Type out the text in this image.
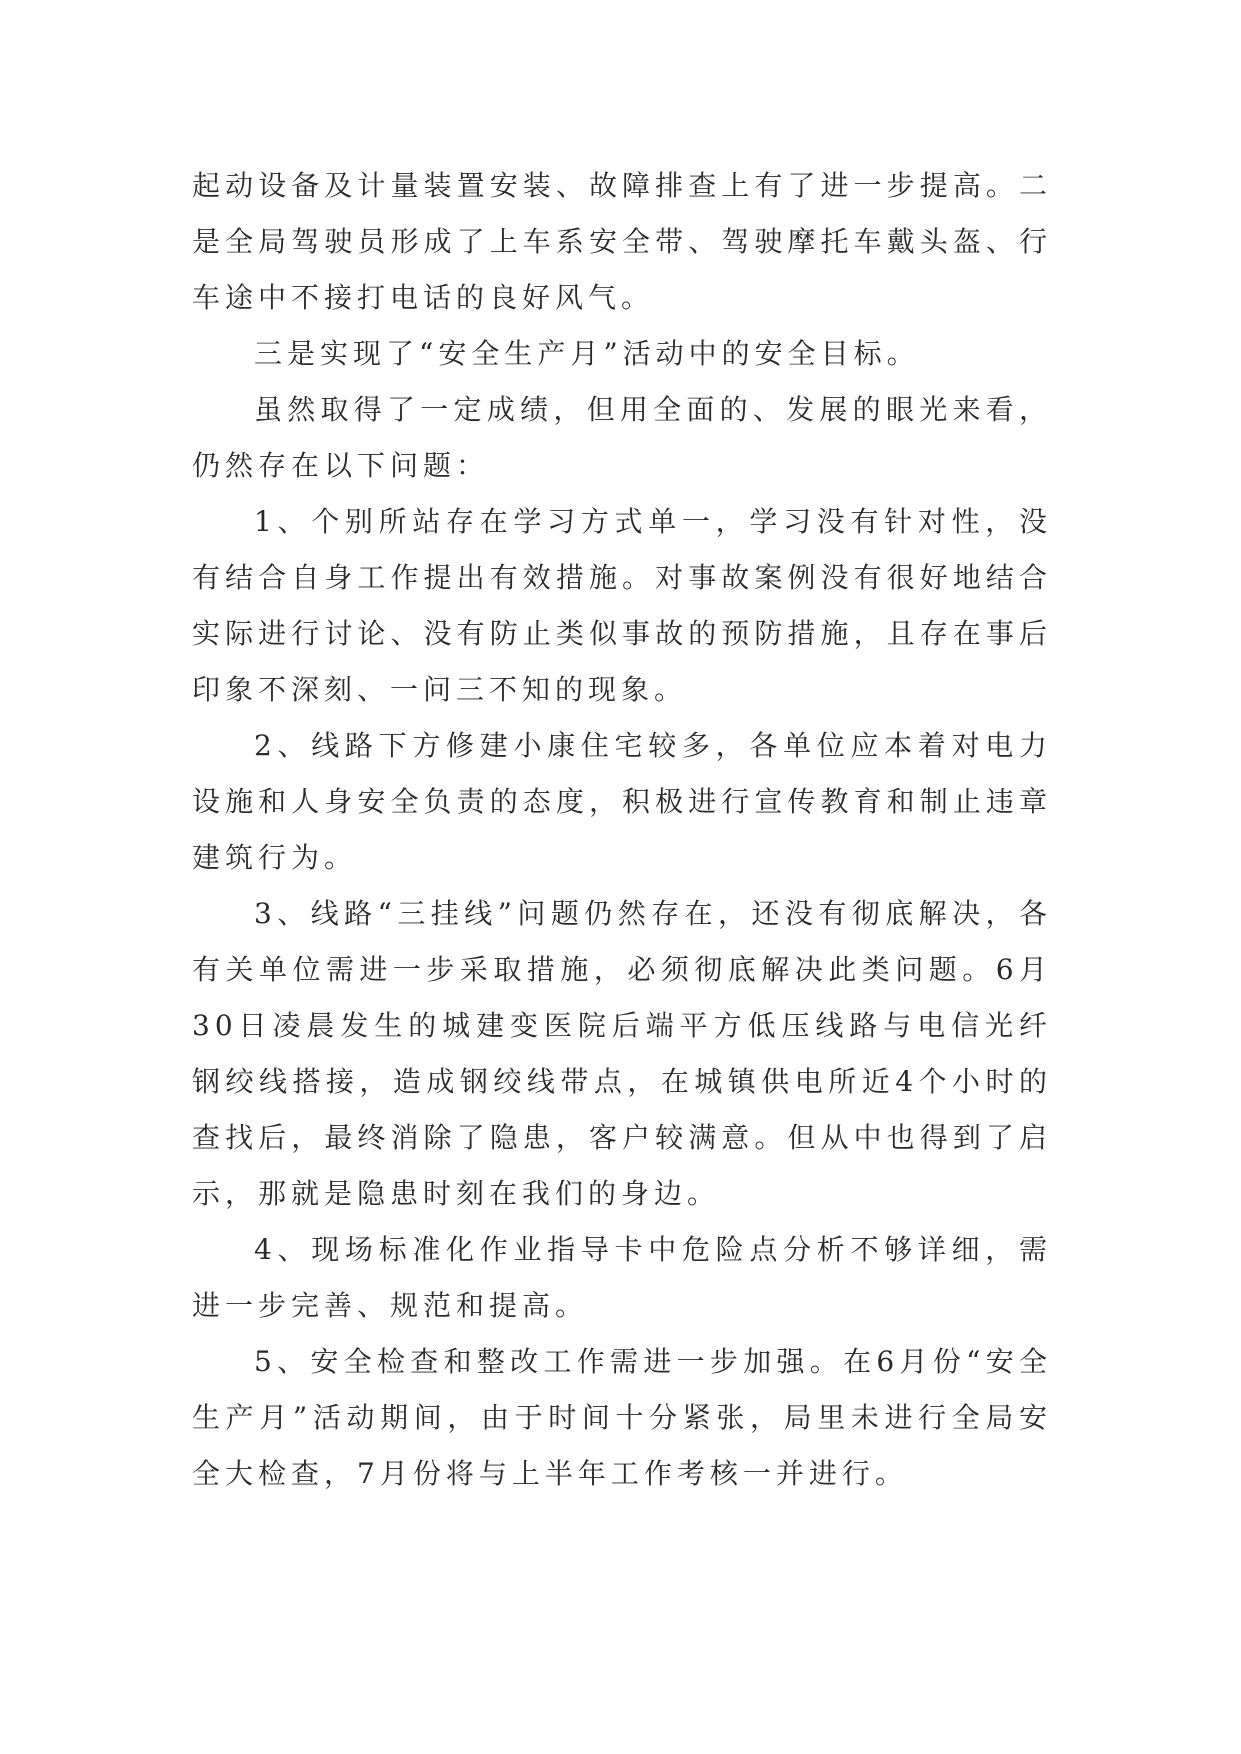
起动设备及计量装置安装、故障排查上有了进一步提高。二是全局驾驶员形成了上车系安全带、驾驶摩托车戴头盔、行车途中不接打电话的良好风气。

三是实现了“安全生产月”活动中的安全目标。

虽然取得了一定成绩，但用全面的、发展的眼光来看，仍然存在以下问题：

1、个别所站存在学习方式单一，学习没有针对性，没有结合自身工作提出有效措施。对事故案例没有很好地结合实际进行讨论、没有防止类似事故的预防措施，且存在事后印象不深刻、一问三不知的现象。

2、线路下方修建小康住宅较多，各单位应本着对电力设施和人身安全负责的态度，积极进行宣传教育和制止违章建筑行为。

3、线路“三挂线”问题仍然存在，还没有彻底解决，各有关单位需进一步采取措施，必须彻底解决此类问题。6月30日凌晨发生的城建变医院后端平方低压线路与电信光纤钢绞线搭接，造成钢绞线带点，在城镇供电所近4个小时的查找后，最终消除了隐患，客户较满意。但从中也得到了启示，那就是隐患时刻在我们的身边。

4、现场标准化作业指导卡中危险点分析不够详细，需进一步完善、规范和提高。

5、安全检查和整改工作需进一步加强。在6月份“安全生产月”活动期间，由于时间十分紧张，局里未进行全局安全大检查，7月份将与上半年工作考核一并进行。
